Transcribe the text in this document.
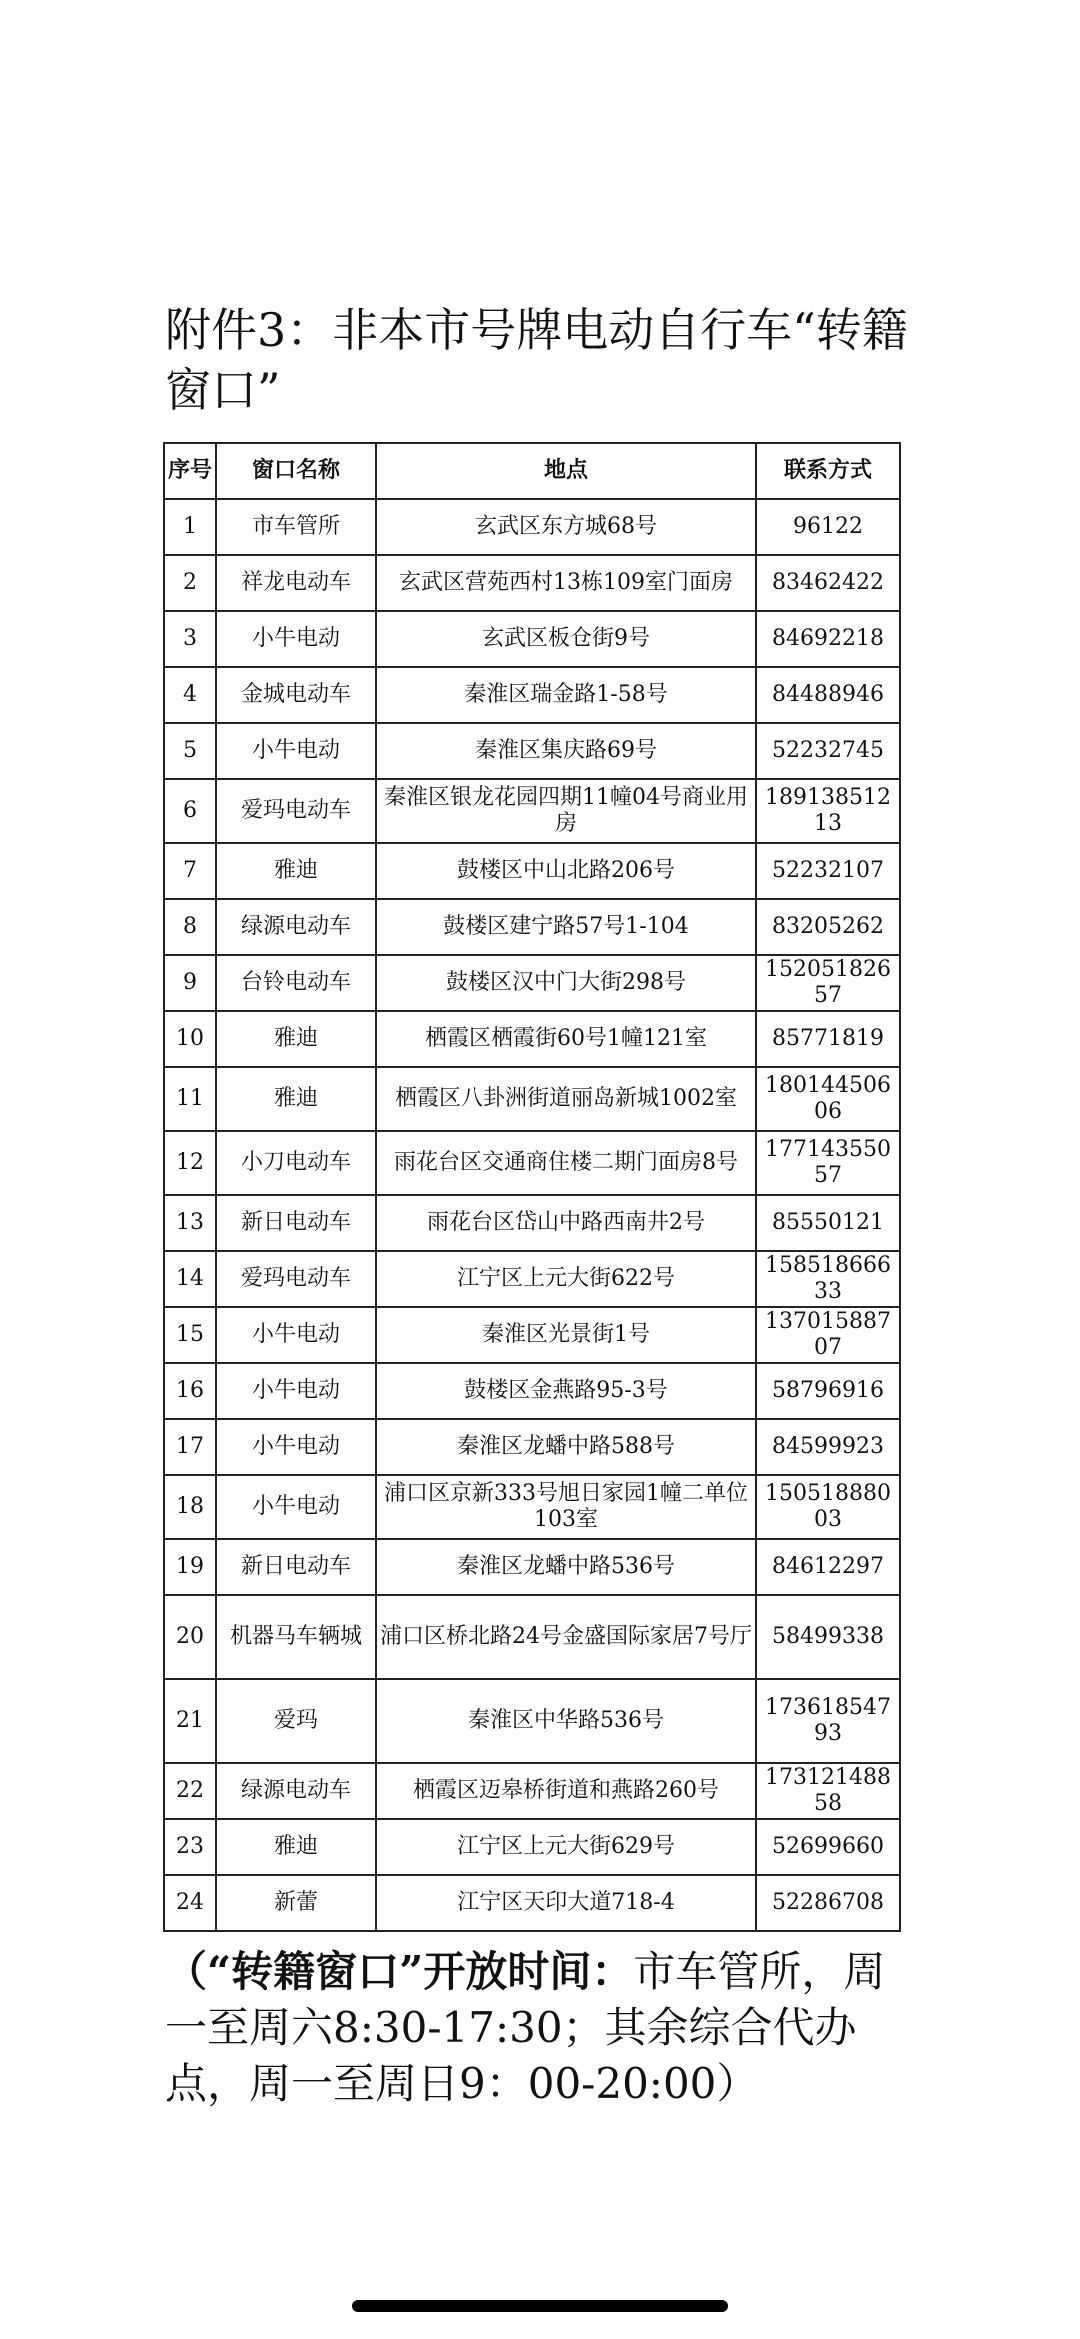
附件3：非本市号牌电动自行车“转籍窗口”
序号	窗口名称	地点	联系方式
1	市车管所	玄武区东方城68号	96122
2	祥龙电动车	玄武区营苑西村13栋109室门面房	83462422
3	小牛电动	玄武区板仓街9号	84692218
4	金城电动车	秦淮区瑞金路1-58号	84488946
5	小牛电动	秦淮区集庆路69号	52232745
6	爱玛电动车	秦淮区银龙花园四期11幢04号商业用房	18913851213
7	雅迪	鼓楼区中山北路206号	52232107
8	绿源电动车	鼓楼区建宁路57号1-104	83205262
9	台铃电动车	鼓楼区汉中门大街298号	15205182657
10	雅迪	栖霞区栖霞街60号1幢121室	85771819
11	雅迪	栖霞区八卦洲街道丽岛新城1002室	18014450606
12	小刀电动车	雨花台区交通商住楼二期门面房8号	17714355057
13	新日电动车	雨花台区岱山中路西南井2号	85550121
14	爱玛电动车	江宁区上元大街622号	15851866633
15	小牛电动	秦淮区光景街1号	13701588707
16	小牛电动	鼓楼区金燕路95-3号	58796916
17	小牛电动	秦淮区龙蟠中路588号	84599923
18	小牛电动	浦口区京新333号旭日家园1幢二单位103室	15051888003
19	新日电动车	秦淮区龙蟠中路536号	84612297
20	机器马车辆城	浦口区桥北路24号金盛国际家居7号厅	58499338
21	爱玛	秦淮区中华路536号	17361854793
22	绿源电动车	栖霞区迈皋桥街道和燕路260号	17312148858
23	雅迪	江宁区上元大街629号	52699660
24	新蕾	江宁区天印大道718-4	52286708

（“转籍窗口”开放时间：市车管所，周一至周六8:30-17:30；其余综合代办点，周一至周日9：00-20:00）
